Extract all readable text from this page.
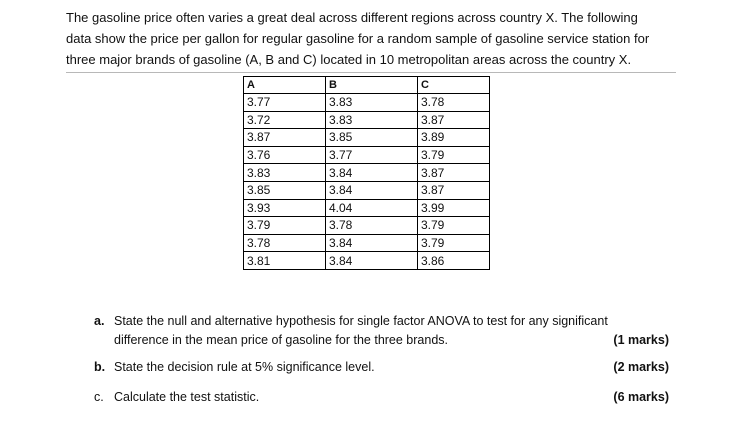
The gasoline price often varies a great deal across different regions across country X. The following
data show the price per gallon for regular gasoline for a random sample of gasoline service station for
three major brands of gasoline (A, B and C) located in 10 metropolitan areas across the country X.
A	B	C
3.77	3.83	3.78
3.72	3.83	3.87
3.87	3.85	3.89
3.76	3.77	3.79
3.83	3.84	3.87
3.85	3.84	3.87
3.93	4.04	3.99
3.79	3.78	3.79
3.78	3.84	3.79
3.81	3.84	3.86
a. State the null and alternative hypothesis for single factor ANOVA to test for any significant
difference in the mean price of gasoline for the three brands.	(1 marks)
b. State the decision rule at 5% significance level.	(2 marks)
c. Calculate the test statistic.	(6 marks)
